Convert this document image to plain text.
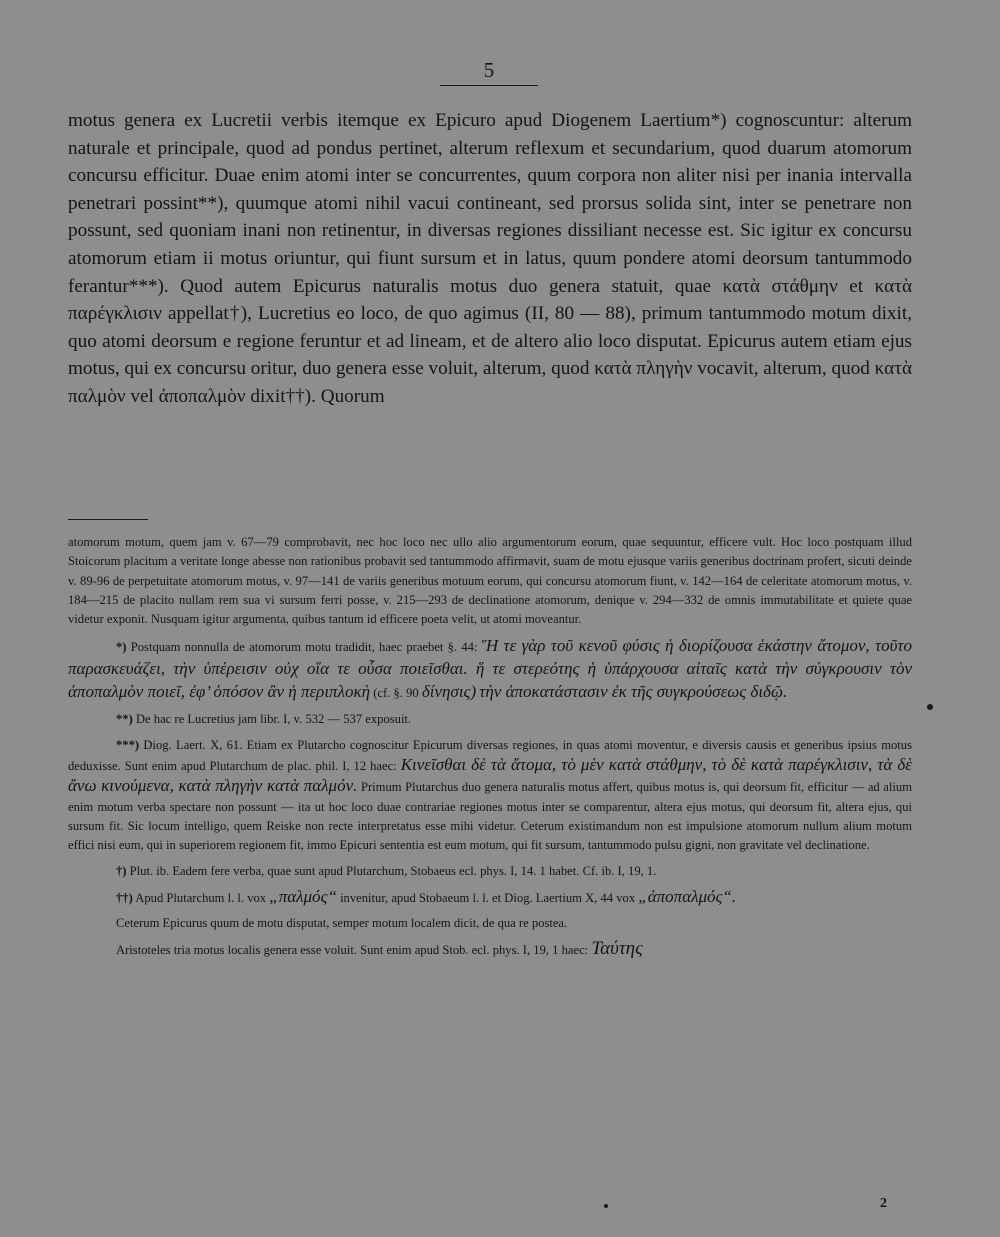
5

motus genera ex Lucretii verbis itemque ex Epicuro apud Diogenem Laertium*) cognoscuntur: alterum naturale et principale, quod ad pondus pertinet, alterum reflexum et secundarium, quod duarum atomorum concursu efficitur. Duae enim atomi inter se concurrentes, quum corpora non aliter nisi per inania intervalla penetrari possint**), quumque atomi nihil vacui contineant, sed prorsus solida sint, inter se penetrare non possunt, sed quoniam inani non retinentur, in diversas regiones dissiliant necesse est. Sic igitur ex concursu atomorum etiam ii motus oriuntur, qui fiunt sursum et in latus, quum pondere atomi deorsum tantummodo ferantur***). Quod autem Epicurus naturalis motus duo genera statuit, quae κατὰ στάθμην et κατὰ παρέγκλισιν appellat†), Lucretius eo loco, de quo agimus (II, 80 — 88), primum tantummodo motum dixit, quo atomi deorsum e regione feruntur et ad lineam, et de altero alio loco disputat. Epicurus autem etiam ejus motus, qui ex concursu oritur, duo genera esse voluit, alterum, quod κατὰ πληγὴν vocavit, alterum, quod κατὰ παλμὸν vel ἀποπαλμὸν dixit††). Quorum

atomorum motum, quem jam v. 67—79 comprobavit, nec hoc loco nec ullo alio argumentorum eorum, quae sequuntur, efficere vult. Hoc loco postquam illud Stoicorum placitum a veritate longe abesse non rationibus probavit sed tantummodo affirmavit, suam de motu ejusque variis generibus doctrinam profert, sicuti deinde v. 89-96 de perpetuitate atomorum motus, v. 97—141 de variis generibus motuum eorum, qui concursu atomorum fiunt, v. 142—164 de celeritate atomorum motus, v. 184—215 de placito nullam rem sua vi sursum ferri posse, v. 215—293 de declinatione atomorum, denique v. 294—332 de omnis immutabilitate et quiete quae videtur exponit. Nusquam igitur argumenta, quibus tantum id efficere poeta velit, ut atomi moveantur.

*) Postquam nonnulla de atomorum motu tradidit, haec praebet §. 44: Ἥ τε γὰρ τοῦ κενοῦ φύσις ἡ διορίζουσα ἑκάστην ἄτομον, τοῦτο παρασκευάζει, τὴν ὑπέρεισιν οὐχ οἵα τε οὖσα ποιεῖσθαι. ἥ τε στερεότης ἡ ὑπάρχουσα αἰταῖς κατὰ τὴν σύγκρουσιν τὸν ἀποπαλμὸν ποιεῖ, ἐφ’ ὁπόσον ἂν ἡ περιπλοκὴ (cf. §. 90 δίνησις) τὴν ἀποκατάστασιν ἐκ τῆς συγκρούσεως διδῷ.

**) De hac re Lucretius jam libr. I, v. 532 — 537 exposuit.

***) Diog. Laert. X, 61. Etiam ex Plutarcho cognoscitur Epicurum diversas regiones, in quas atomi moventur, e diversis causis et generibus ipsius motus deduxisse. Sunt enim apud Plutarchum de plac. phil. I, 12 haec: Κινεῖσθαι δὲ τὰ ἄτομα, τὸ μὲν κατὰ στάθμην, τὸ δὲ κατὰ παρέγκλισιν, τὰ δὲ ἄνω κινούμενα, κατὰ πληγὴν κατὰ παλμόν. Primum Plutarchus duo genera naturalis motus affert, quibus motus is, qui deorsum fit, efficitur — ad alium enim motum verba spectare non possunt — ita ut hoc loco duae contrariae regiones motus inter se comparentur, altera ejus motus, qui deorsum fit, altera ejus, qui sursum fit. Sic locum intelligo, quem Reiske non recte interpretatus esse mihi videtur. Ceterum existimandum non est impulsione atomorum nullum alium motum effici nisi eum, qui in superiorem regionem fit, immo Epicuri sententia est eum motum, qui fit sursum, tantummodo pulsu gigni, non gravitate vel declinatione.

†) Plut. ib. Eadem fere verba, quae sunt apud Plutarchum, Stobaeus ecl. phys. I, 14. 1 habet. Cf. ib. I, 19, 1.

††) Apud Plutarchum l. l. vox „παλμός“ invenitur, apud Stobaeum l. l. et Diog. Laertium X, 44 vox „ἀποπαλμός“.

Ceterum Epicurus quum de motu disputat, semper motum localem dicit, de qua re postea.

Aristoteles tria motus localis genera esse voluit. Sunt enim apud Stob. ecl. phys. I, 19, 1 haec: Ταύτης

2
